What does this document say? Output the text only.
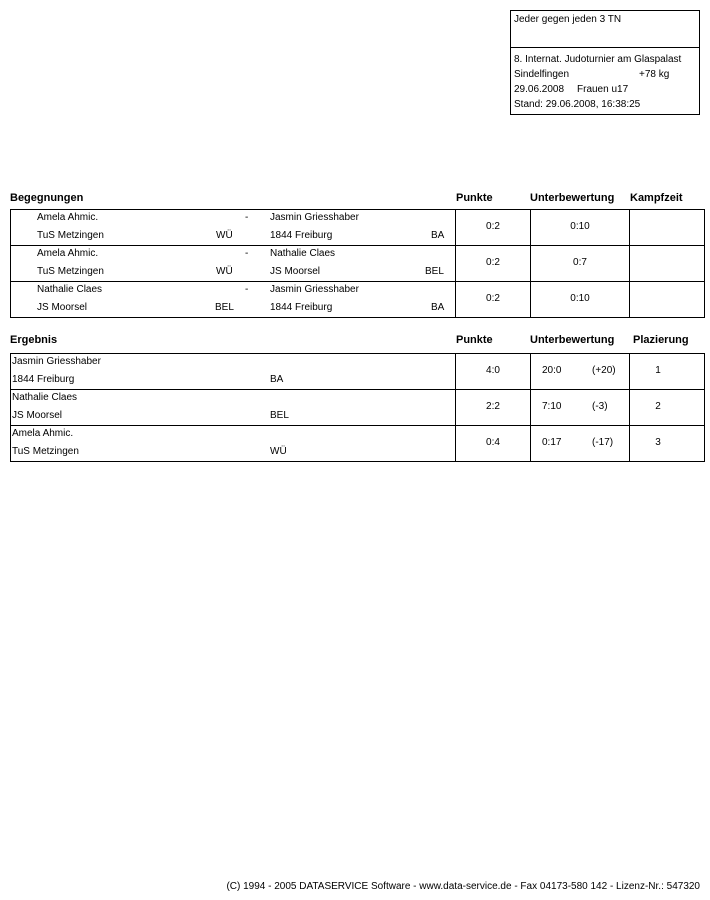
Jeder gegen jeden 3 TN
8. Internat. Judoturnier am Glaspalast
Sindelfingen	+78 kg
29.06.2008 Frauen u17
Stand: 29.06.2008, 16:38:25
Begegnungen	Punkte	Unterbewertung Kampfzeit
Amela Ahmic.	- Jasmin Griesshaber
TuS Metzingen	WÜ	1844 Freiburg	BA
0:2	0:10
Amela Ahmic.	- Nathalie Claes
TuS Metzingen	WÜ	JS Moorsel	BEL
0:2	0:7
Nathalie Claes	- Jasmin Griesshaber
JS Moorsel	BEL	1844 Freiburg	BA
0:2	0:10
Ergebnis	Punkte	Unterbewertung Plazierung
Jasmin Griesshaber
1844 Freiburg	BA
4:0	20:0	(+20)	1
Nathalie Claes
JS Moorsel	BEL
2:2	7:10	(-3)	2
Amela Ahmic.
TuS Metzingen	WÜ
0:4	0:17	(-17)	3
(C) 1994 - 2005 DATASERVICE Software - www.data-service.de - Fax 04173-580 142 - Lizenz-Nr.: 547320
